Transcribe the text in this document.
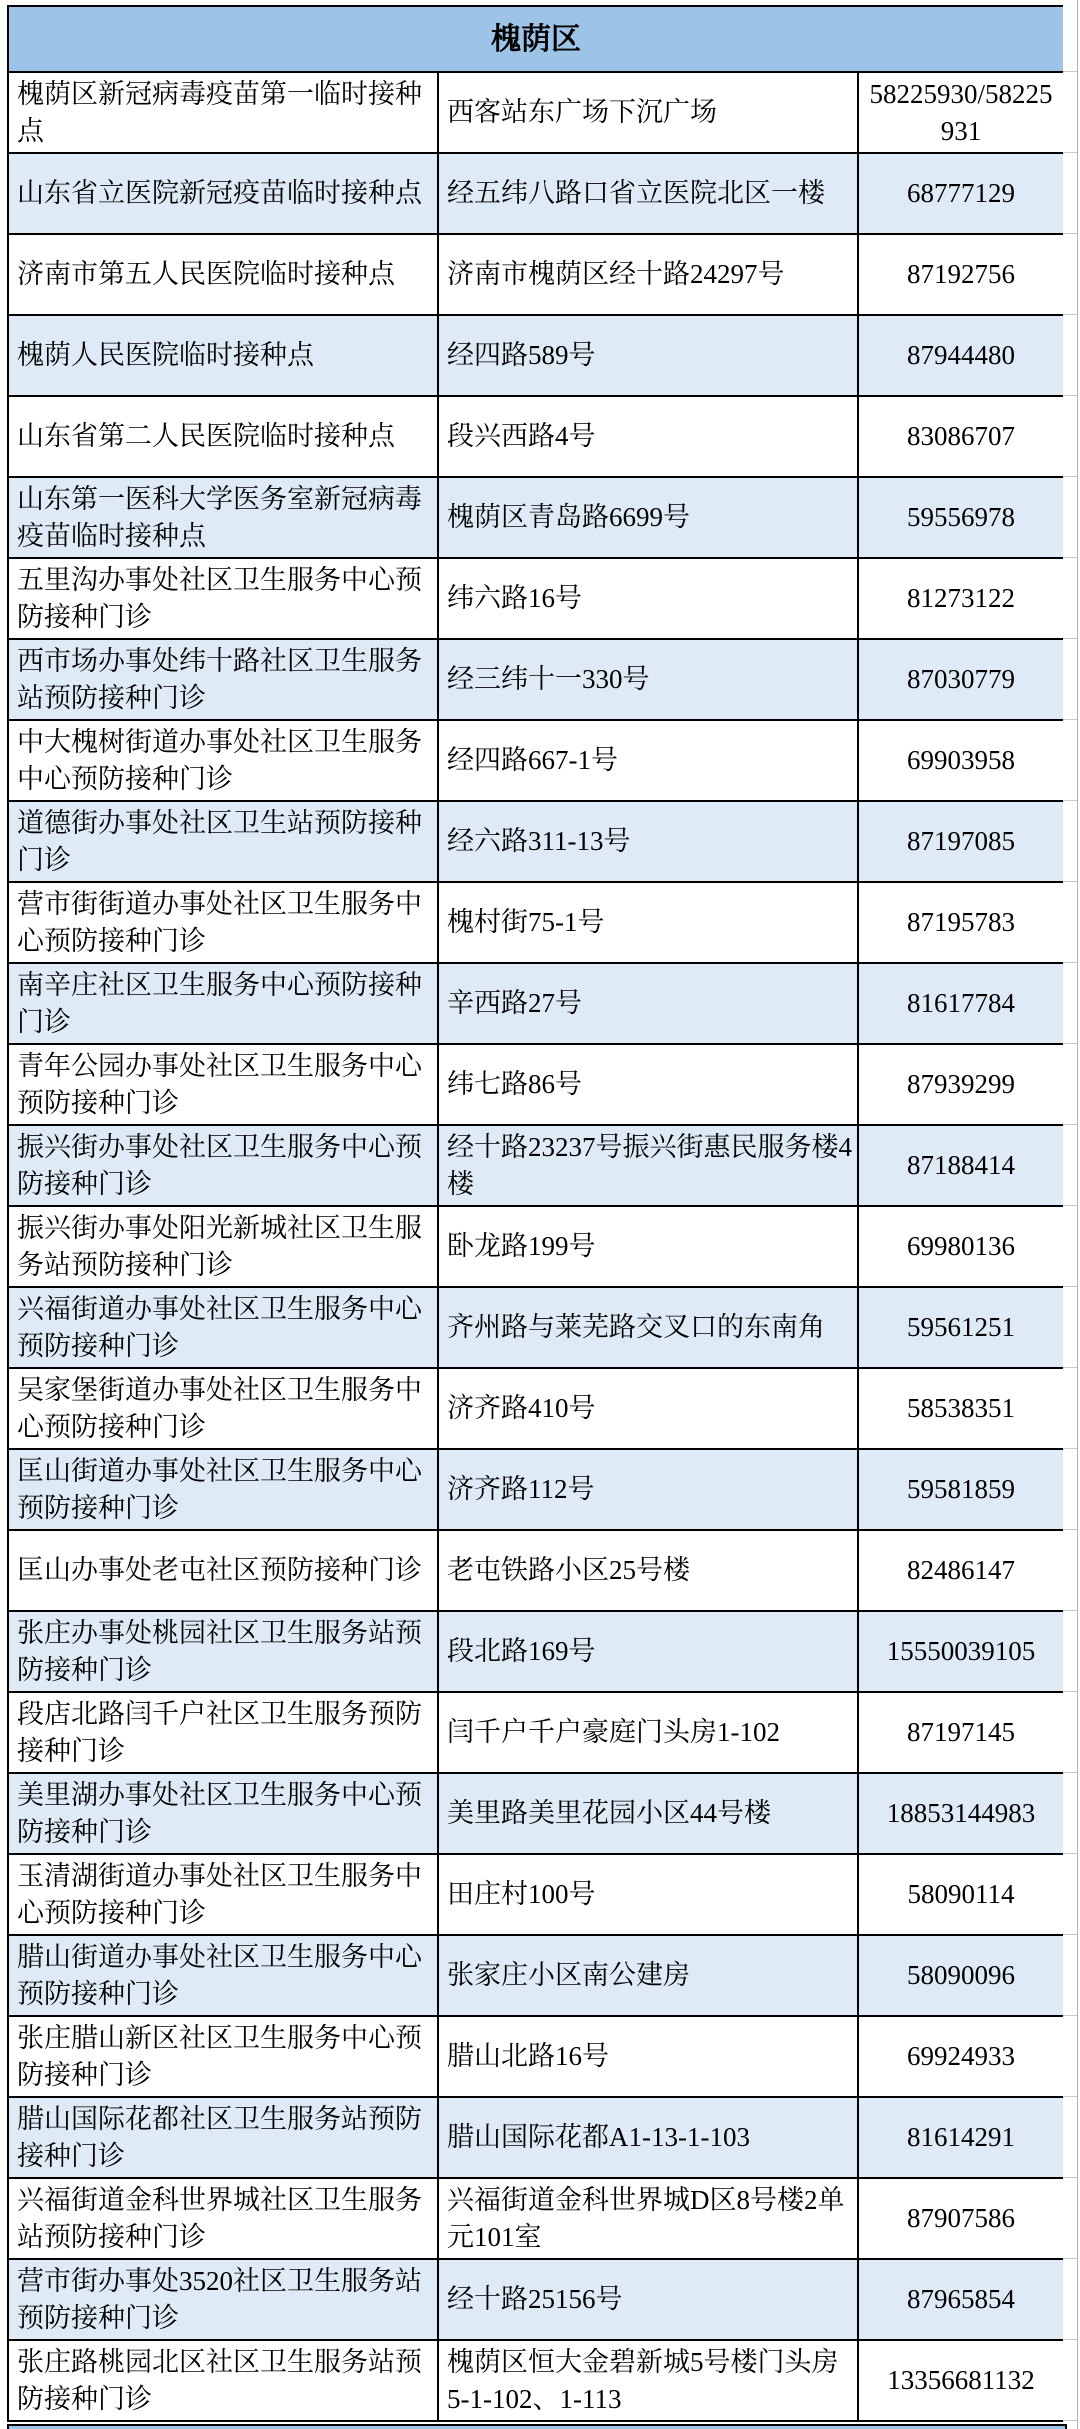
槐荫区		
槐荫区新冠病毒疫苗第一临时接种点	西客站东广场下沉广场	58225930/58225931
山东省立医院新冠疫苗临时接种点	经五纬八路口省立医院北区一楼	68777129
济南市第五人民医院临时接种点	济南市槐荫区经十路24297号	87192756
槐荫人民医院临时接种点	经四路589号	87944480
山东省第二人民医院临时接种点	段兴西路4号	83086707
山东第一医科大学医务室新冠病毒疫苗临时接种点	槐荫区青岛路6699号	59556978
五里沟办事处社区卫生服务中心预防接种门诊	纬六路16号	81273122
西市场办事处纬十路社区卫生服务站预防接种门诊	经三纬十一330号	87030779
中大槐树街道办事处社区卫生服务中心预防接种门诊	经四路667-1号	69903958
道德街办事处社区卫生站预防接种门诊	经六路311-13号	87197085
营市街街道办事处社区卫生服务中心预防接种门诊	槐村街75-1号	87195783
南辛庄社区卫生服务中心预防接种门诊	辛西路27号	81617784
青年公园办事处社区卫生服务中心预防接种门诊	纬七路86号	87939299
振兴街办事处社区卫生服务中心预防接种门诊	经十路23237号振兴街惠民服务楼4楼	87188414
振兴街办事处阳光新城社区卫生服务站预防接种门诊	卧龙路199号	69980136
兴福街道办事处社区卫生服务中心预防接种门诊	齐州路与莱芜路交叉口的东南角	59561251
吴家堡街道办事处社区卫生服务中心预防接种门诊	济齐路410号	58538351
匡山街道办事处社区卫生服务中心预防接种门诊	济齐路112号	59581859
匡山办事处老屯社区预防接种门诊	老屯铁路小区25号楼	82486147
张庄办事处桃园社区卫生服务站预防接种门诊	段北路169号	15550039105
段店北路闫千户社区卫生服务预防接种门诊	闫千户千户豪庭门头房1-102	87197145
美里湖办事处社区卫生服务中心预防接种门诊	美里路美里花园小区44号楼	18853144983
玉清湖街道办事处社区卫生服务中心预防接种门诊	田庄村100号	58090114
腊山街道办事处社区卫生服务中心预防接种门诊	张家庄小区南公建房	58090096
张庄腊山新区社区卫生服务中心预防接种门诊	腊山北路16号	69924933
腊山国际花都社区卫生服务站预防接种门诊	腊山国际花都A1-13-1-103	81614291
兴福街道金科世界城社区卫生服务站预防接种门诊	兴福街道金科世界城D区8号楼2单元101室	87907586
营市街办事处3520社区卫生服务站预防接种门诊	经十路25156号	87965854
张庄路桃园北区社区卫生服务站预防接种门诊	槐荫区恒大金碧新城5号楼门头房5-1-102、1-113	13356681132
